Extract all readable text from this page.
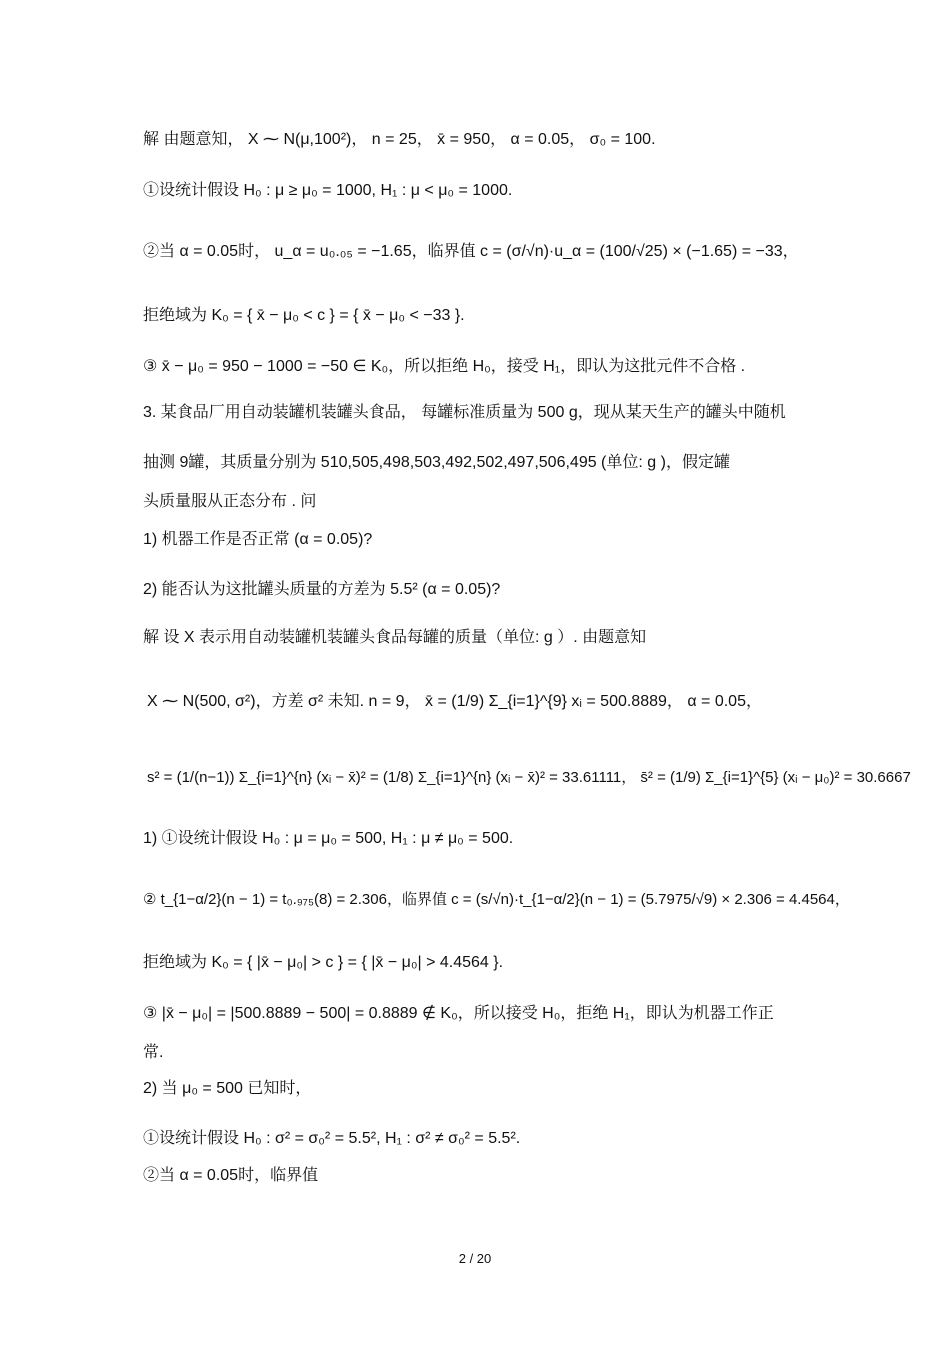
解 由题意知， X ⁓ N(μ,100²)， n = 25， x̄ = 950， α = 0.05， σ₀ = 100.
①设统计假设 H₀ : μ ≥ μ₀ = 1000, H₁ : μ < μ₀ = 1000.
②当 α = 0.05时， u_α = u₀.₀₅ = −1.65，临界值 c = (σ/√n)·u_α = (100/√25) × (−1.65) = −33，
拒绝域为 K₀ = { x̄ − μ₀ < c } = { x̄ − μ₀ < −33 }.
③ x̄ − μ₀ = 950 − 1000 = −50 ∈ K₀，所以拒绝 H₀，接受 H₁，即认为这批元件不合格 .
3. 某食品厂用自动装罐机装罐头食品， 每罐标准质量为 500 g，现从某天生产的罐头中随机
抽测 9罐，其质量分别为 510,505,498,503,492,502,497,506,495 (单位: g )，假定罐
头质量服从正态分布 . 问
1) 机器工作是否正常 (α = 0.05)?
2) 能否认为这批罐头质量的方差为 5.5² (α = 0.05)?
解 设 X 表示用自动装罐机装罐头食品每罐的质量（单位: g ）. 由题意知
X ⁓ N(500, σ²)，方差 σ² 未知. n = 9， x̄ = (1/9) Σ_{i=1}^{9} xᵢ = 500.8889， α = 0.05，
s² = (1/(n−1)) Σ_{i=1}^{n} (xᵢ − x̄)² = (1/8) Σ_{i=1}^{n} (xᵢ − x̄)² = 33.61111， s̄² = (1/9) Σ_{i=1}^{5} (xᵢ − μ₀)² = 30.6667
1) ①设统计假设 H₀ : μ = μ₀ = 500, H₁ : μ ≠ μ₀ = 500.
② t_{1−α/2}(n − 1) = t₀.₉₇₅(8) = 2.306，临界值 c = (s/√n)·t_{1−α/2}(n − 1) = (5.7975/√9) × 2.306 = 4.4564，
拒绝域为 K₀ = { |x̄ − μ₀| > c } = { |x̄ − μ₀| > 4.4564 }.
③ |x̄ − μ₀| = |500.8889 − 500| = 0.8889 ∉ K₀，所以接受 H₀，拒绝 H₁，即认为机器工作正
常.
2) 当 μ₀ = 500 已知时，
①设统计假设 H₀ : σ² = σ₀² = 5.5², H₁ : σ² ≠ σ₀² = 5.5².
②当 α = 0.05时，临界值
2 / 20
